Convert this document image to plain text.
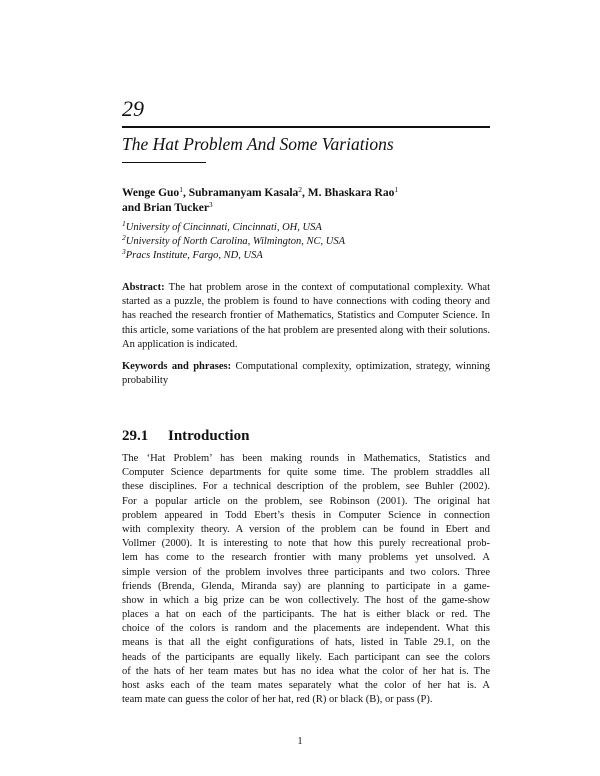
29
The Hat Problem And Some Variations
Wenge Guo$^1$, Subramanyam Kasala$^2$, M. Bhaskara Rao$^1$
and Brian Tucker$^3$
$^1$University of Cincinnati, Cincinnati, OH, USA
$^2$University of North Carolina, Wilmington, NC, USA
$^3$Pracs Institute, Fargo, ND, USA
Abstract: The hat problem arose in the context of computational complexity. What started as a puzzle, the problem is found to have connections with coding theory and has reached the research frontier of Mathematics, Statistics and Computer Science. In this article, some variations of the hat problem are presented along with their solutions. An application is indicated.
Keywords and phrases: Computational complexity, optimization, strategy, winning probability
29.1 Introduction
The ‘Hat Problem’ has been making rounds in Mathematics, Statistics and
Computer Science departments for quite some time. The problem straddles all
these disciplines. For a technical description of the problem, see Buhler (2002).
For a popular article on the problem, see Robinson (2001). The original hat
problem appeared in Todd Ebert’s thesis in Computer Science in connection
with complexity theory. A version of the problem can be found in Ebert and
Vollmer (2000). It is interesting to note that how this purely recreational prob-
lem has come to the research frontier with many problems yet unsolved. A
simple version of the problem involves three participants and two colors. Three
friends (Brenda, Glenda, Miranda say) are planning to participate in a game-
show in which a big prize can be won collectively. The host of the game-show
places a hat on each of the participants. The hat is either black or red. The
choice of the colors is random and the placements are independent. What this
means is that all the eight configurations of hats, listed in Table 29.1, on the
heads of the participants are equally likely. Each participant can see the colors
of the hats of her team mates but has no idea what the color of her hat is. The
host asks each of the team mates separately what the color of her hat is. A
team mate can guess the color of her hat, red (R) or black (B), or pass (P).
1
